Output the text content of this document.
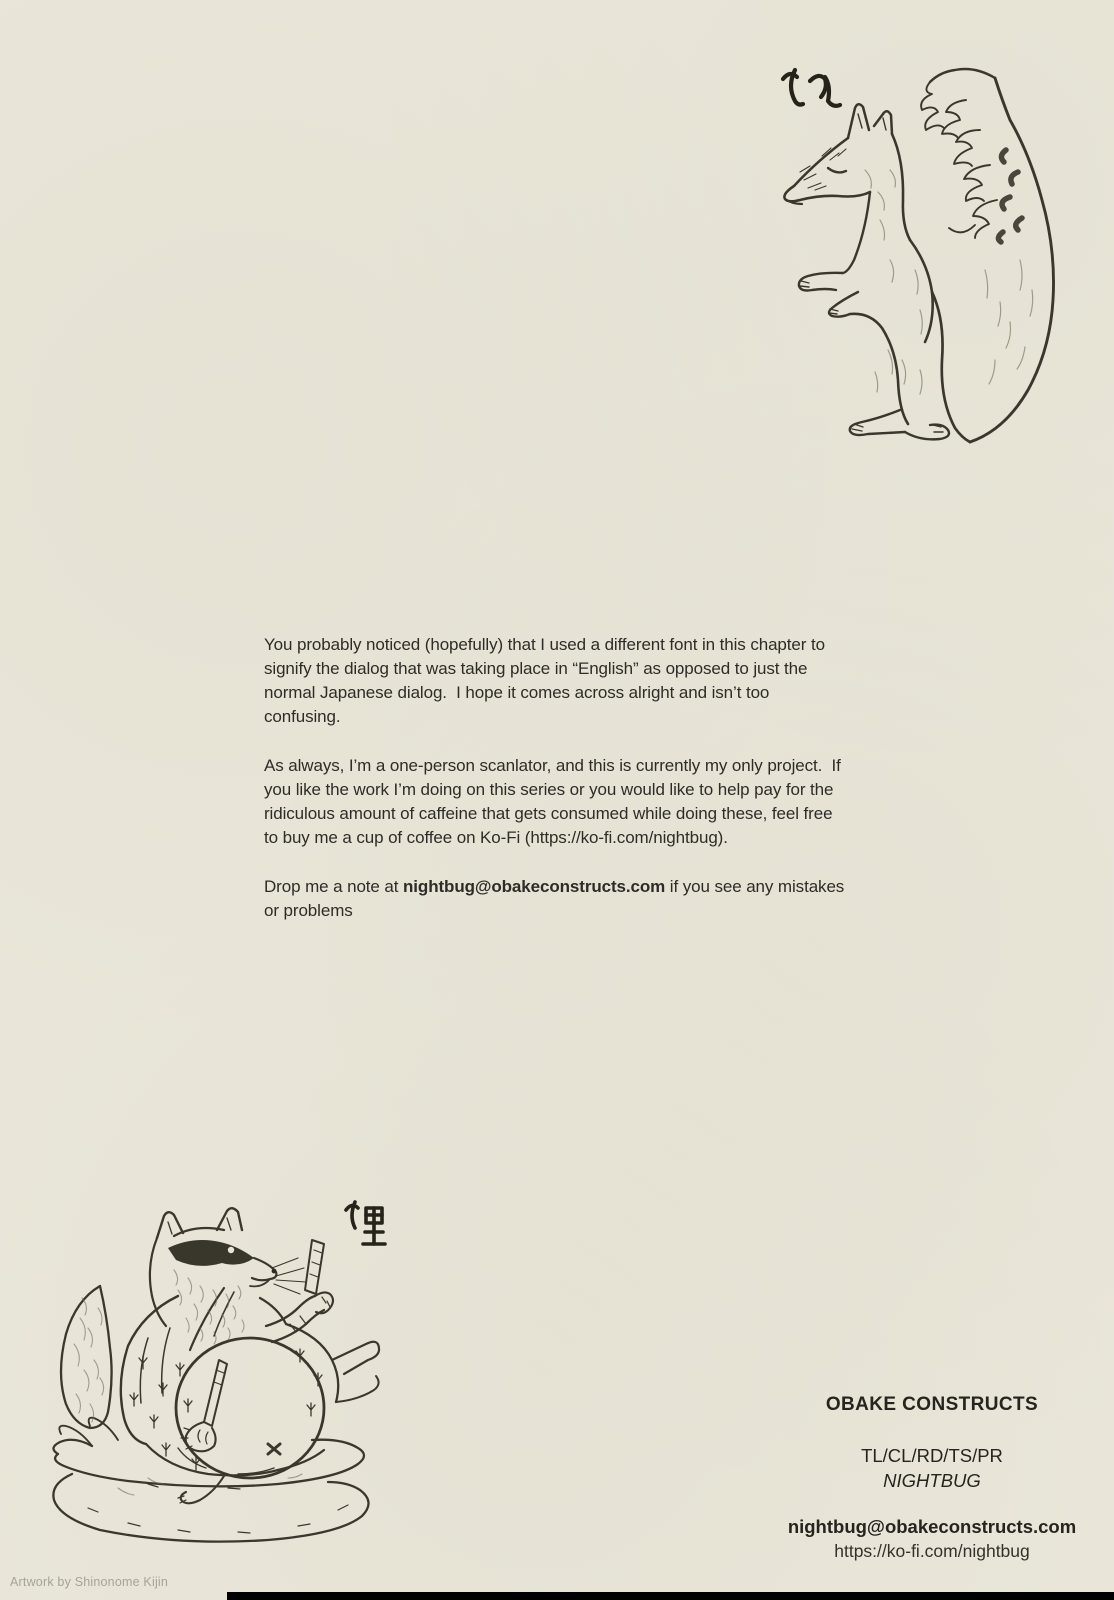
You probably noticed (hopefully) that I used a different font in this chapter to signify the dialog that was taking place in “English” as opposed to just the normal Japanese dialog.  I hope it comes across alright and isn’t too confusing.

As always, I’m a one-person scanlator, and this is currently my only project.  If you like the work I’m doing on this series or you would like to help pay for the ridiculous amount of caffeine that gets consumed while doing these, feel free to buy me a cup of coffee on Ko-Fi (https://ko-fi.com/nightbug).

Drop me a note at nightbug@obakeconstructs.com if you see any mistakes or problems

OBAKE CONSTRUCTS
TL/CL/RD/TS/PR
NIGHTBUG
nightbug@obakeconstructs.com
https://ko-fi.com/nightbug
Artwork by Shinonome Kijin
